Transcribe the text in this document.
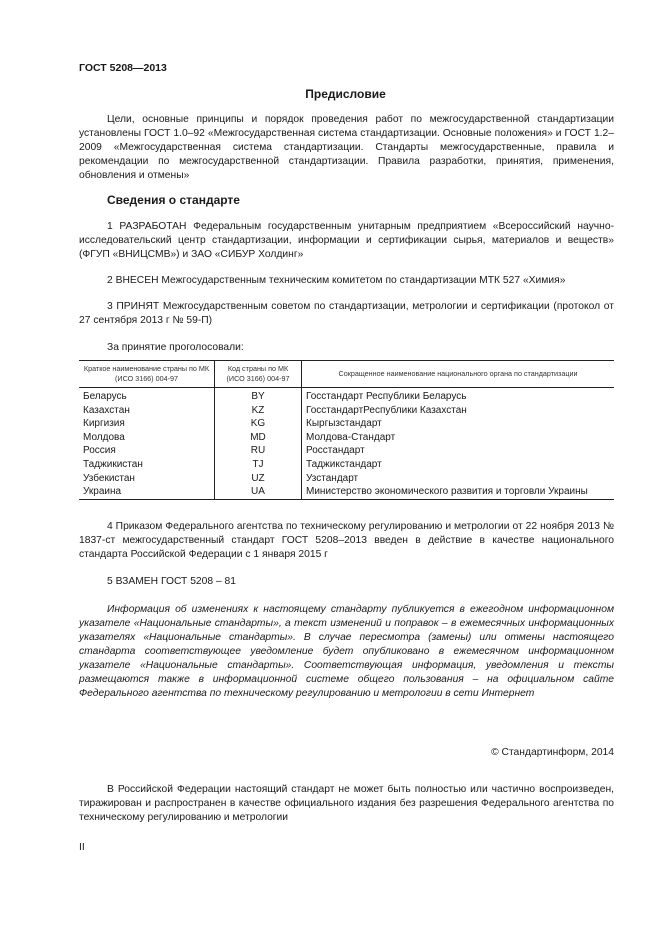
ГОСТ 5208—2013
Предисловие

Цели, основные принципы и порядок проведения работ по межгосударственной стандартизации установлены ГОСТ 1.0–92 «Межгосударственная система стандартизации. Основные положения» и ГОСТ 1.2–2009 «Межгосударственная система стандартизации. Стандарты межгосударственные, правила и рекомендации по межгосударственной стандартизации. Правила разработки, принятия, применения, обновления и отмены»

Сведения о стандарте

1 РАЗРАБОТАН Федеральным государственным унитарным предприятием «Всероссийский научно-исследовательский центр стандартизации, информации и сертификации сырья, материалов и веществ» (ФГУП «ВНИЦСМВ») и ЗАО «СИБУР Холдинг»

2 ВНЕСЕН Межгосударственным техническим комитетом по стандартизации МТК 527 «Химия»

3 ПРИНЯТ Межгосударственным советом по стандартизации, метрологии и сертификации (протокол от 27 сентября 2013 г № 59-П)

За принятие проголосовали:
Краткое наименование страны по МК (ИСО 3166) 004-97	Код страны по МК (ИСО 3166) 004-97	Сокращенное наименование национального органа по стандартизации
Беларусь	BY	Госстандарт Республики Беларусь
Казахстан	KZ	ГосстандартРеспублики Казахстан
Киргизия	KG	Кыргызстандарт
Молдова	MD	Молдова-Стандарт
Россия	RU	Росстандарт
Таджикистан	TJ	Таджикстандарт
Узбекистан	UZ	Узстандарт
Украина	UA	Министерство экономического развития и торговли Украины

4 Приказом Федерального агентства по техническому регулированию и метрологии от 22 ноября 2013 № 1837-ст межгосударственный стандарт ГОСТ 5208–2013 введен в действие в качестве национального стандарта Российской Федерации с 1 января 2015 г

5 ВЗАМЕН ГОСТ 5208 – 81

Информация об изменениях к настоящему стандарту публикуется в ежегодном информационном указателе «Национальные стандарты», а текст изменений и поправок – в ежемесячных информационных указателях «Национальные стандарты». В случае пересмотра (замены) или отмены настоящего стандарта соответствующее уведомление будет опубликовано в ежемесячном информационном указателе «Национальные стандарты». Соответствующая информация, уведомления и тексты размещаются также в информационной системе общего пользования – на официальном сайте Федерального агентства по техническому регулированию и метрологии в сети Интернет

© Стандартинформ, 2014

В Российской Федерации настоящий стандарт не может быть полностью или частично воспроизведен, тиражирован и распространен в качестве официального издания без разрешения Федерального агентства по техническому регулированию и метрологии

II
